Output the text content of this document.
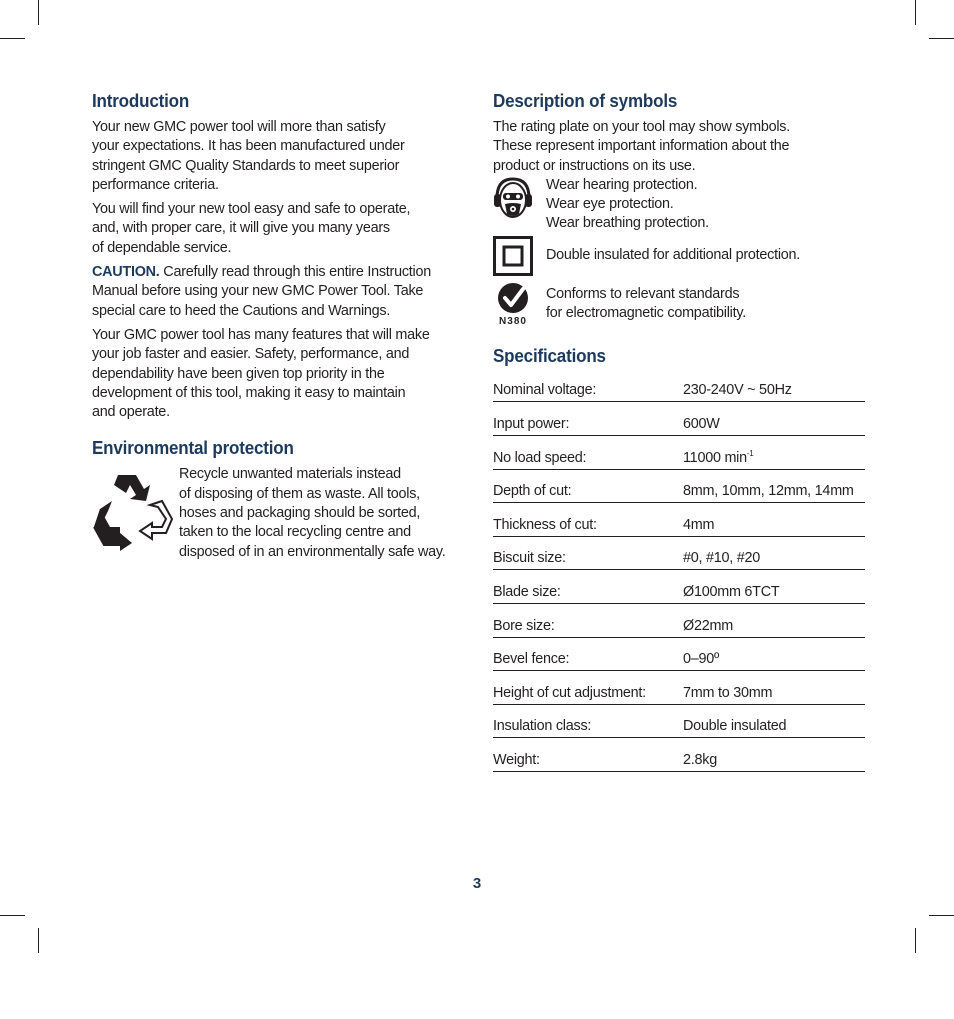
Introduction

Your new GMC power tool will more than satisfy
your expectations. It has been manufactured under
stringent GMC Quality Standards to meet superior
performance criteria.

You will find your new tool easy and safe to operate,
and, with proper care, it will give you many years
of dependable service.

CAUTION. Carefully read through this entire Instruction
Manual before using your new GMC Power Tool. Take
special care to heed the Cautions and Warnings.

Your GMC power tool has many features that will make
your job faster and easier. Safety, performance, and
dependability have been given top priority in the
development of this tool, making it easy to maintain
and operate.

Environmental protection

Recycle unwanted materials instead
of disposing of them as waste. All tools,
hoses and packaging should be sorted,
taken to the local recycling centre and
disposed of in an environmentally safe way.

Description of symbols

The rating plate on your tool may show symbols.
These represent important information about the
product or instructions on its use.

Wear hearing protection.

Wear eye protection.

Wear breathing protection.

Double insulated for additional protection.

N380

Conforms to relevant standards

for electromagnetic compatibility.

Specifications
Nominal voltage:	230-240V ~ 50Hz
Input power:	600W
No load speed:	11000 $\min^{-1}$
Depth of cut:	8mm, 10mm, 12mm, 14mm
Thickness of cut:	4mm
Biscuit size:	#0, #10, #20
Blade size:	Ø100mm 6TCT
Bore size:	Ø22mm
Bevel fence:	0–90º
Height of cut adjustment:	7mm to 30mm
Insulation class:	Double insulated
Weight:	2.8kg
3
